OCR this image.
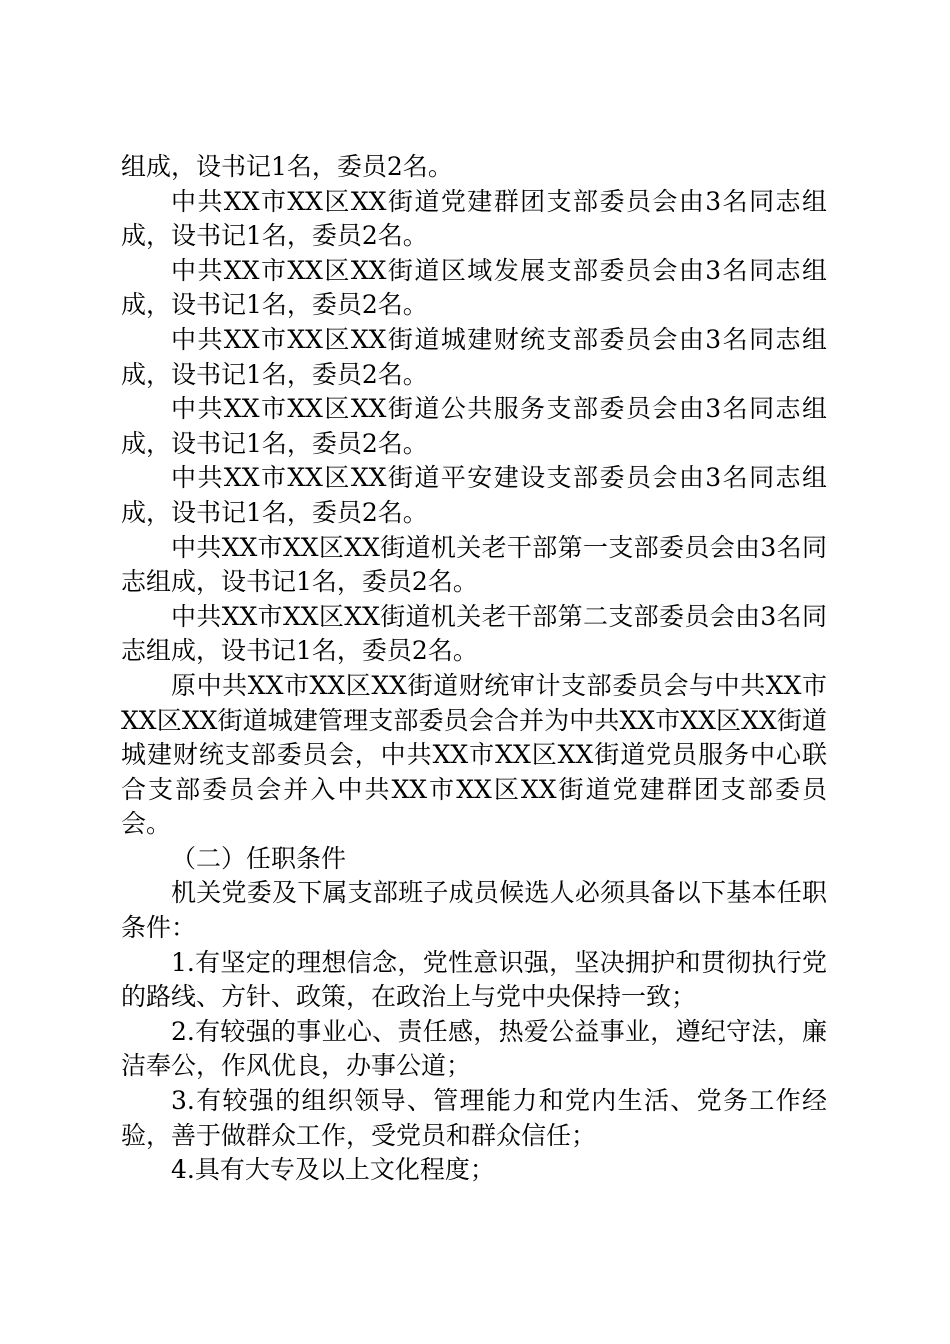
组成，设书记1名，委员2名。

中共XX市XX区XX街道党建群团支部委员会由3名同志组成，设书记1名，委员2名。

中共XX市XX区XX街道区域发展支部委员会由3名同志组成，设书记1名，委员2名。

中共XX市XX区XX街道城建财统支部委员会由3名同志组成，设书记1名，委员2名。

中共XX市XX区XX街道公共服务支部委员会由3名同志组成，设书记1名，委员2名。

中共XX市XX区XX街道平安建设支部委员会由3名同志组成，设书记1名，委员2名。

中共XX市XX区XX街道机关老干部第一支部委员会由3名同志组成，设书记1名，委员2名。

中共XX市XX区XX街道机关老干部第二支部委员会由3名同志组成，设书记1名，委员2名。

原中共XX市XX区XX街道财统审计支部委员会与中共XX市XX区XX街道城建管理支部委员会合并为中共XX市XX区XX街道城建财统支部委员会，中共XX市XX区XX街道党员服务中心联合支部委员会并入中共XX市XX区XX街道党建群团支部委员会。

（二）任职条件

机关党委及下属支部班子成员候选人必须具备以下基本任职条件：

1.有坚定的理想信念，党性意识强，坚决拥护和贯彻执行党的路线、方针、政策，在政治上与党中央保持一致；

2.有较强的事业心、责任感，热爱公益事业，遵纪守法，廉洁奉公，作风优良，办事公道；

3.有较强的组织领导、管理能力和党内生活、党务工作经验，善于做群众工作，受党员和群众信任；

4.具有大专及以上文化程度；
